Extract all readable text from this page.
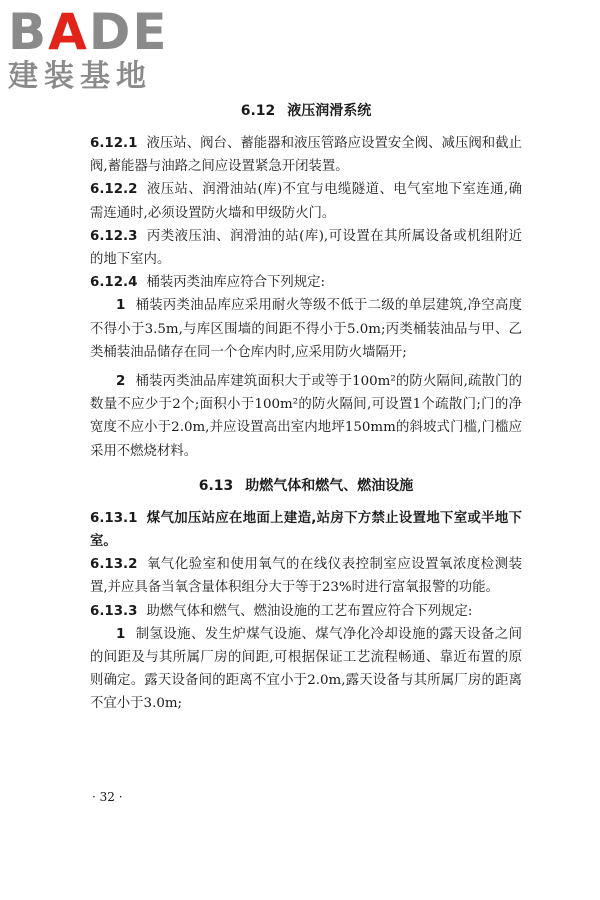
BADE
建装基地
6.12 液压润滑系统

6.12.1 液压站、阀台、蓄能器和液压管路应设置安全阀、减压阀和截止阀,蓄能器与油路之间应设置紧急开闭装置。

6.12.2 液压站、润滑油站(库)不宜与电缆隧道、电气室地下室连通,确需连通时,必须设置防火墙和甲级防火门。

6.12.3 丙类液压油、润滑油的站(库),可设置在其所属设备或机组附近的地下室内。

6.12.4 桶装丙类油库应符合下列规定:

1 桶装丙类油品库应采用耐火等级不低于二级的单层建筑,净空高度不得小于3.5m,与库区围墙的间距不得小于5.0m;丙类桶装油品与甲、乙类桶装油品储存在同一个仓库内时,应采用防火墙隔开;

2 桶装丙类油品库建筑面积大于或等于100m²的防火隔间,疏散门的数量不应少于2个;面积小于100m²的防火隔间,可设置1个疏散门;门的净宽度不应小于2.0m,并应设置高出室内地坪150mm的斜坡式门槛,门槛应采用不燃烧材料。

6.13 助燃气体和燃气、燃油设施

6.13.1 煤气加压站应在地面上建造,站房下方禁止设置地下室或半地下室。

6.13.2 氧气化验室和使用氧气的在线仪表控制室应设置氧浓度检测装置,并应具备当氧含量体积组分大于等于23%时进行富氧报警的功能。

6.13.3 助燃气体和燃气、燃油设施的工艺布置应符合下列规定:

1 制氢设施、发生炉煤气设施、煤气净化冷却设施的露天设备之间的间距及与其所属厂房的间距,可根据保证工艺流程畅通、靠近布置的原则确定。露天设备间的距离不宜小于2.0m,露天设备与其所属厂房的距离不宜小于3.0m;

· 32 ·
